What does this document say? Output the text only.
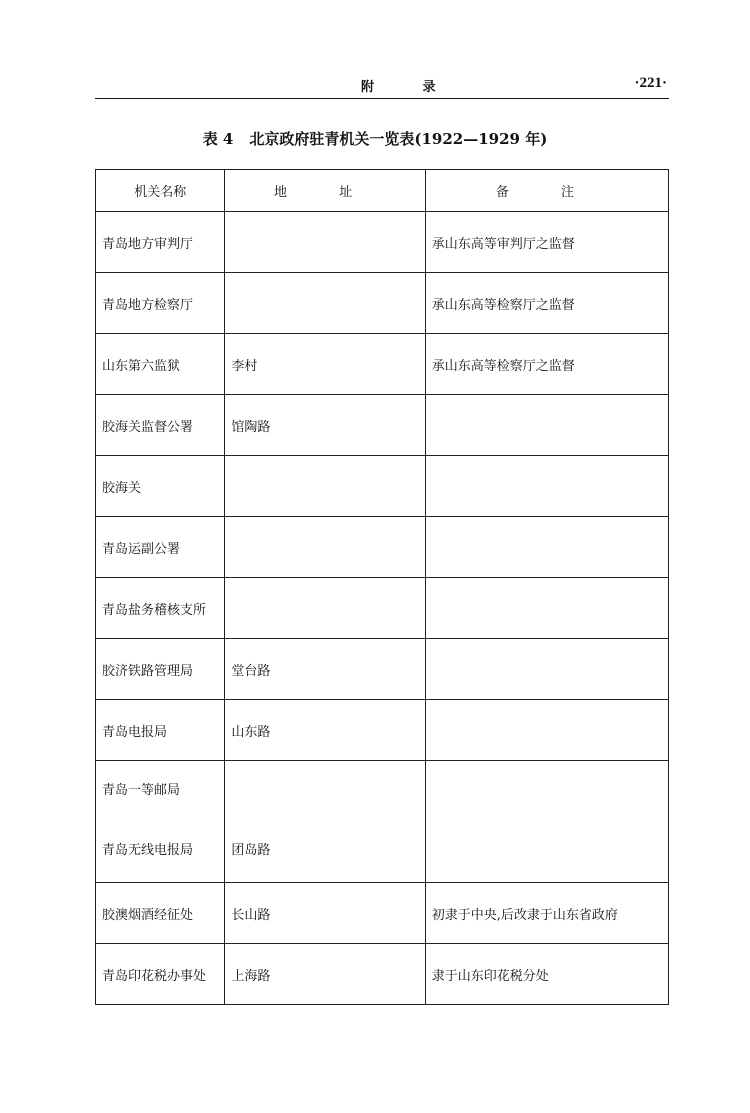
附 录	·221·
表 4 北京政府驻青机关一览表(1922—1929 年)
机关名称	地 址	备 注
青岛地方审判厅		承山东高等审判厅之监督
青岛地方检察厅		承山东高等检察厅之监督
山东第六监狱	李村	承山东高等检察厅之监督
胶海关监督公署	馆陶路	
胶海关		
青岛运副公署		
青岛盐务稽核支所		
胶济铁路管理局	堂台路	
青岛电报局	山东路	

青岛一等邮局
青岛无线电报局	团岛路	

胶澳烟酒经征处	长山路	初隶于中央,后改隶于山东省政府
青岛印花税办事处	上海路	隶于山东印花税分处
